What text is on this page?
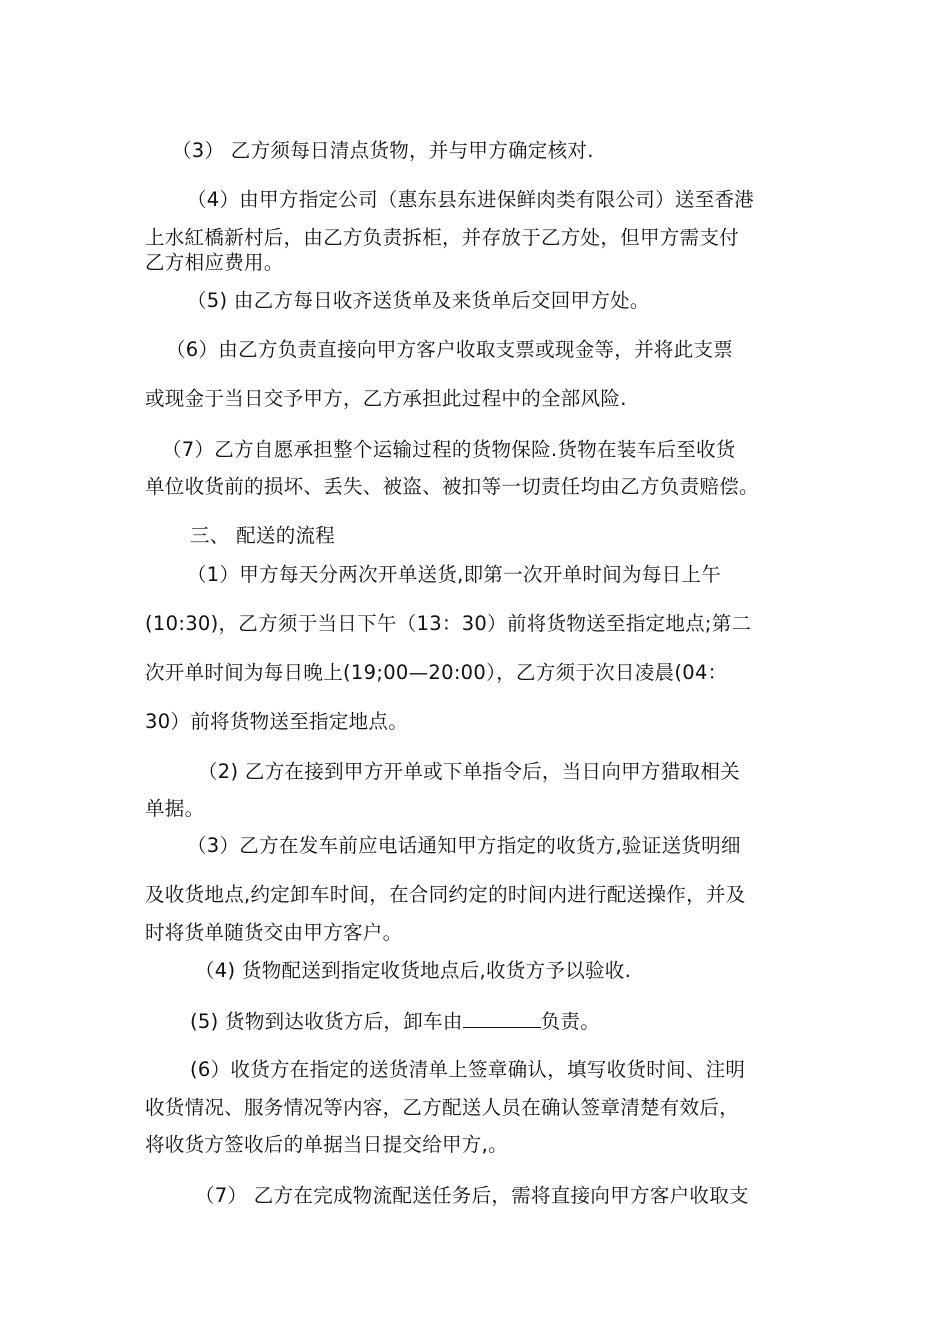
（3） 乙方须每日清点货物，并与甲方确定核对.
（4）由甲方指定公司（惠东县东进保鲜肉类有限公司）送至香港
上水紅橋新村后，由乙方负责拆柜，并存放于乙方处，但甲方需支付
乙方相应费用。
（5) 由乙方每日收齐送货单及来货单后交回甲方处。
（6）由乙方负责直接向甲方客户收取支票或现金等，并将此支票
或现金于当日交予甲方，乙方承担此过程中的全部风险.
（7）乙方自愿承担整个运输过程的货物保险.货物在装车后至收货
单位收货前的损坏、丢失、被盗、被扣等一切责任均由乙方负责赔偿。
三、 配送的流程
（1）甲方每天分两次开单送货,即第一次开单时间为每日上午
(10:30)，乙方须于当日下午（13：30）前将货物送至指定地点;第二
次开单时间为每日晚上(19;00—20:00），乙方须于次日凌晨(04：
30）前将货物送至指定地点。
（2) 乙方在接到甲方开单或下单指令后，当日向甲方猎取相关
单据。
（3）乙方在发车前应电话通知甲方指定的收货方,验证送货明细
及收货地点,约定卸车时间，在合同约定的时间内进行配送操作，并及
时将货单随货交由甲方客户。
（4) 货物配送到指定收货地点后,收货方予以验收.
(5) 货物到达收货方后，卸车由	负责。
(6）收货方在指定的送货清单上签章确认，填写收货时间、注明
收货情况、服务情况等内容，乙方配送人员在确认签章清楚有效后，
将收货方签收后的单据当日提交给甲方,。
（7） 乙方在完成物流配送任务后，需将直接向甲方客户收取支
